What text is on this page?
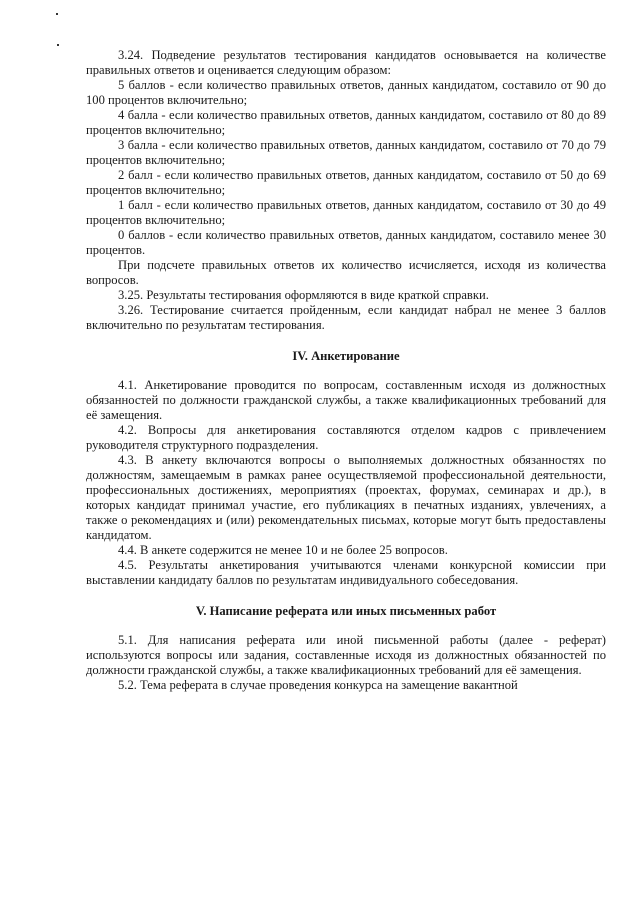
3.24. Подведение результатов тестирования кандидатов основывается на количестве правильных ответов и оценивается следующим образом:

5 баллов - если количество правильных ответов, данных кандидатом, составило от 90 до 100 процентов включительно;

4 балла - если количество правильных ответов, данных кандидатом, составило от 80 до 89 процентов включительно;

3 балла - если количество правильных ответов, данных кандидатом, составило от 70 до 79 процентов включительно;

2 балл - если количество правильных ответов, данных кандидатом, составило от 50 до 69 процентов включительно;

1 балл - если количество правильных ответов, данных кандидатом, составило от 30 до 49 процентов включительно;

0 баллов - если количество правильных ответов, данных кандидатом, составило менее 30 процентов.

При подсчете правильных ответов их количество исчисляется, исходя из количества вопросов.

3.25. Результаты тестирования оформляются в виде краткой справки.

3.26. Тестирование считается пройденным, если кандидат набрал не менее 3 баллов включительно по результатам тестирования.

IV. Анкетирование

4.1. Анкетирование проводится по вопросам, составленным исходя из должностных обязанностей по должности гражданской службы, а также квалификационных требований для её замещения.

4.2. Вопросы для анкетирования составляются отделом кадров с привлечением руководителя структурного подразделения.

4.3. В анкету включаются вопросы о выполняемых должностных обязанностях по должностям, замещаемым в рамках ранее осуществляемой профессиональной деятельности, профессиональных достижениях, мероприятиях (проектах, форумах, семинарах и др.), в которых кандидат принимал участие, его публикациях в печатных изданиях, увлечениях, а также о рекомендациях и (или) рекомендательных письмах, которые могут быть предоставлены кандидатом.

4.4. В анкете содержится не менее 10 и не более 25 вопросов.

4.5. Результаты анкетирования учитываются членами конкурсной комиссии при выставлении кандидату баллов по результатам индивидуального собеседования.

V. Написание реферата или иных письменных работ

5.1. Для написания реферата или иной письменной работы (далее - реферат) используются вопросы или задания, составленные исходя из должностных обязанностей по должности гражданской службы, а также квалификационных требований для её замещения.

5.2. Тема реферата в случае проведения конкурса на замещение вакантной
